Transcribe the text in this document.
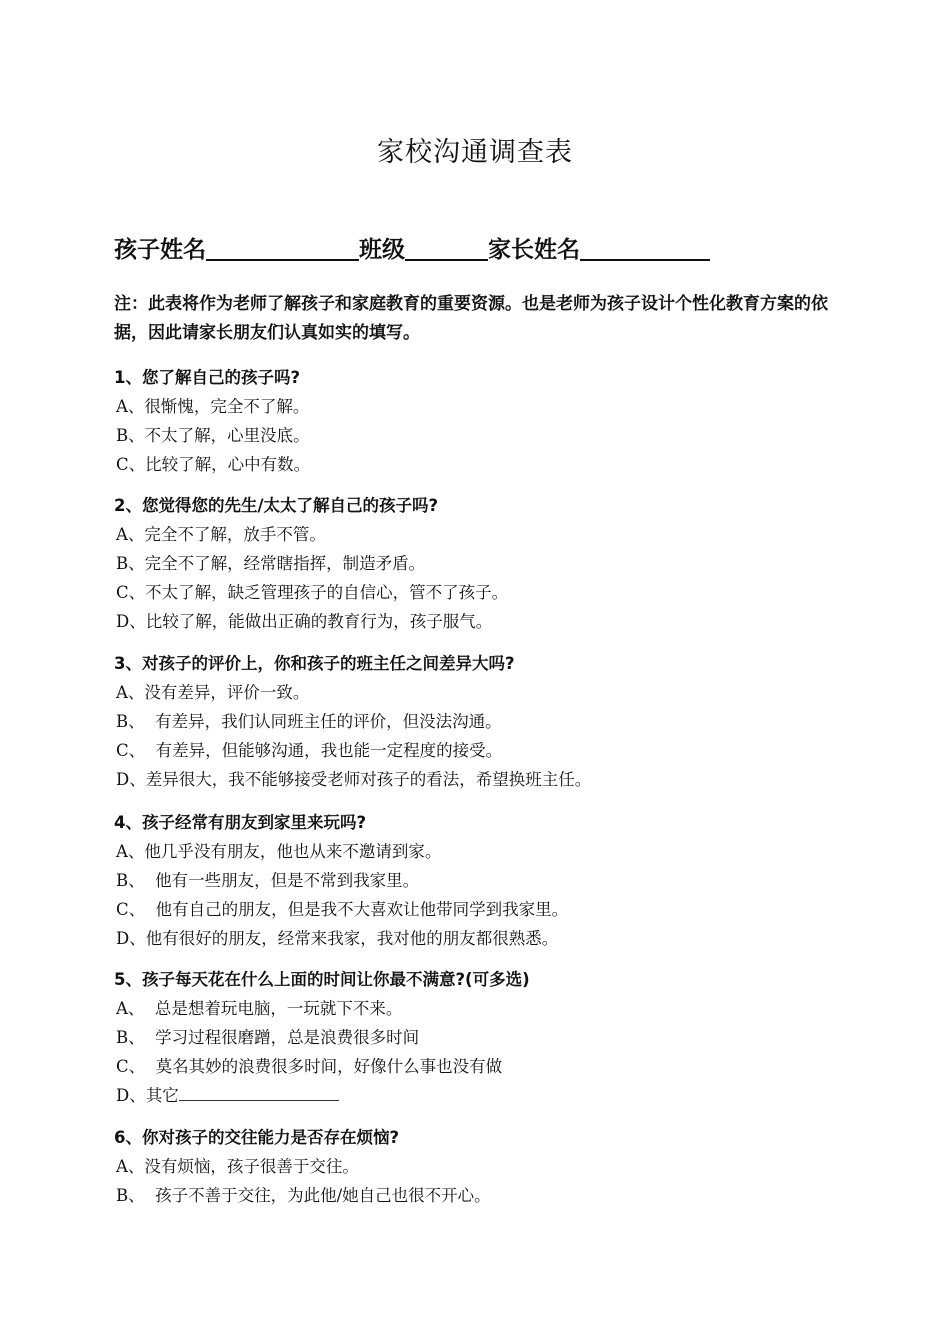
家校沟通调查表
孩子姓名	班级	家长姓名
注：此表将作为老师了解孩子和家庭教育的重要资源。也是老师为孩子设计个性化教育方案的依据，因此请家长朋友们认真如实的填写。
1、您了解自己的孩子吗?
A、很惭愧，完全不了解。
B、不太了解，心里没底。
C、比较了解，心中有数。
2、您觉得您的先生/太太了解自己的孩子吗?
A、完全不了解，放手不管。
B、完全不了解，经常瞎指挥，制造矛盾。
C、不太了解，缺乏管理孩子的自信心，管不了孩子。
D、比较了解，能做出正确的教育行为，孩子服气。
3、对孩子的评价上，你和孩子的班主任之间差异大吗?
A、没有差异，评价一致。
B、  有差异，我们认同班主任的评价，但没法沟通。
C、  有差异，但能够沟通，我也能一定程度的接受。
D、差异很大，我不能够接受老师对孩子的看法，希望换班主任。
4、孩子经常有朋友到家里来玩吗?
A、他几乎没有朋友，他也从来不邀请到家。
B、  他有一些朋友，但是不常到我家里。
C、  他有自己的朋友，但是我不大喜欢让他带同学到我家里。
D、他有很好的朋友，经常来我家，我对他的朋友都很熟悉。
5、孩子每天花在什么上面的时间让你最不满意?(可多选)
A、  总是想着玩电脑，一玩就下不来。
B、  学习过程很磨蹭，总是浪费很多时间
C、  莫名其妙的浪费很多时间，好像什么事也没有做
D、其它
6、你对孩子的交往能力是否存在烦恼?
A、没有烦恼，孩子很善于交往。
B、  孩子不善于交往，为此他/她自己也很不开心。
